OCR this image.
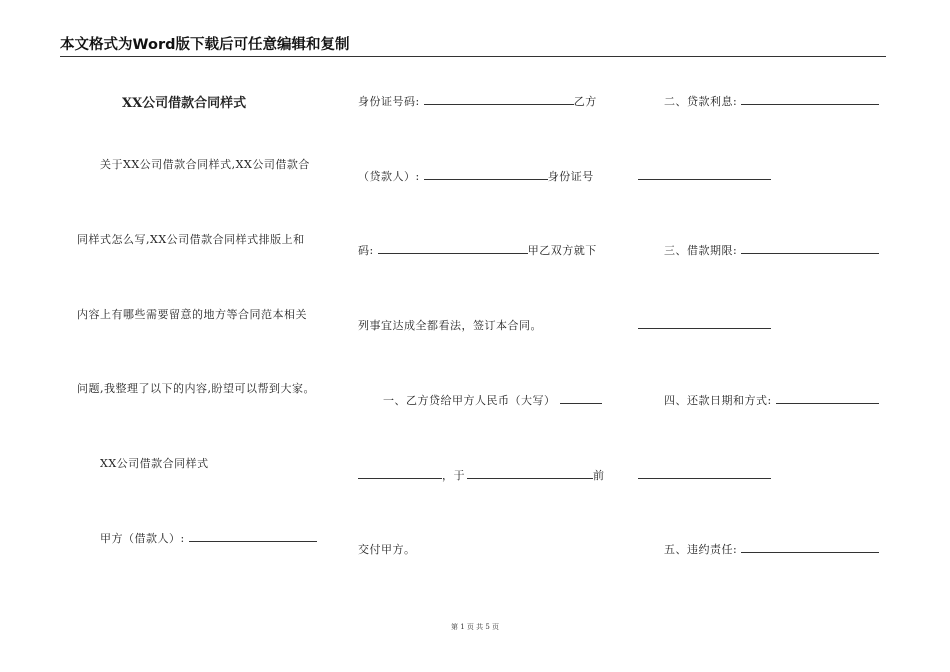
本文格式为Word版下载后可任意编辑和复制
XX公司借款合同样式
关于XX公司借款合同样式,XX公司借款合
同样式怎么写,XX公司借款合同样式排版上和
内容上有哪些需要留意的地方等合同范本相关
问题,我整理了以下的内容,盼望可以帮到大家。
XX公司借款合同样式
甲方（借款人）:
身份证号码:	乙方
（贷款人）:	身份证号
码:	甲乙双方就下
列事宜达成全都看法，签订本合同。
一、乙方贷给甲方人民币（大写）
，于	前
交付甲方。
二、贷款利息:
三、借款期限:
四、还款日期和方式:
五、违约责任:
第 1 页 共 5 页
